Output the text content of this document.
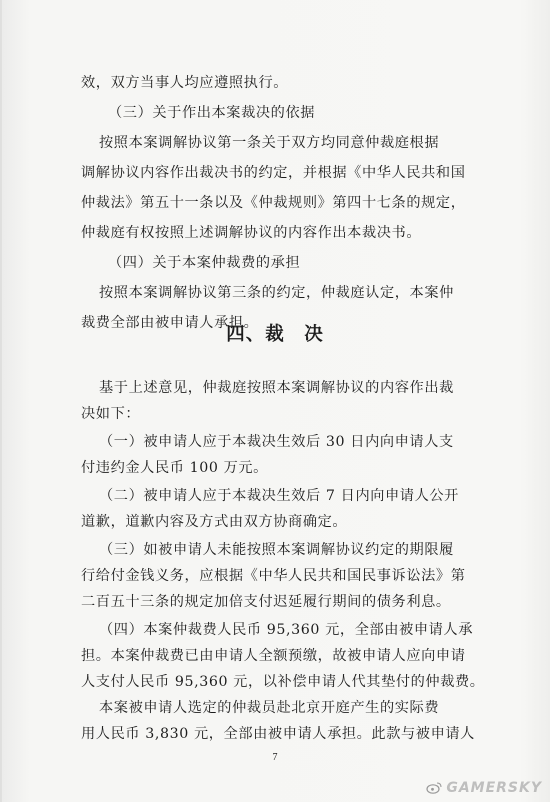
效，双方当事人均应遵照执行。
（三）关于作出本案裁决的依据
按照本案调解协议第一条关于双方均同意仲裁庭根据
调解协议内容作出裁决书的约定，并根据《中华人民共和国
仲裁法》第五十一条以及《仲裁规则》第四十七条的规定，
仲裁庭有权按照上述调解协议的内容作出本裁决书。
（四）关于本案仲裁费的承担
按照本案调解协议第三条的约定，仲裁庭认定，本案仲
裁费全部由被申请人承担。
四、裁　决
基于上述意见，仲裁庭按照本案调解协议的内容作出裁
决如下：
（一）被申请人应于本裁决生效后 30 日内向申请人支
付违约金人民币 100 万元。
（二）被申请人应于本裁决生效后 7 日内向申请人公开
道歉，道歉内容及方式由双方协商确定。
（三）如被申请人未能按照本案调解协议约定的期限履
行给付金钱义务，应根据《中华人民共和国民事诉讼法》第
二百五十三条的规定加倍支付迟延履行期间的债务利息。
（四）本案仲裁费人民币 95,360 元，全部由被申请人承
担。本案仲裁费已由申请人全额预缴，故被申请人应向申请
人支付人民币 95,360 元，以补偿申请人代其垫付的仲裁费。
本案被申请人选定的仲裁员赴北京开庭产生的实际费
用人民币 3,830 元，全部由被申请人承担。此款与被申请人
7
GAMERSKY
